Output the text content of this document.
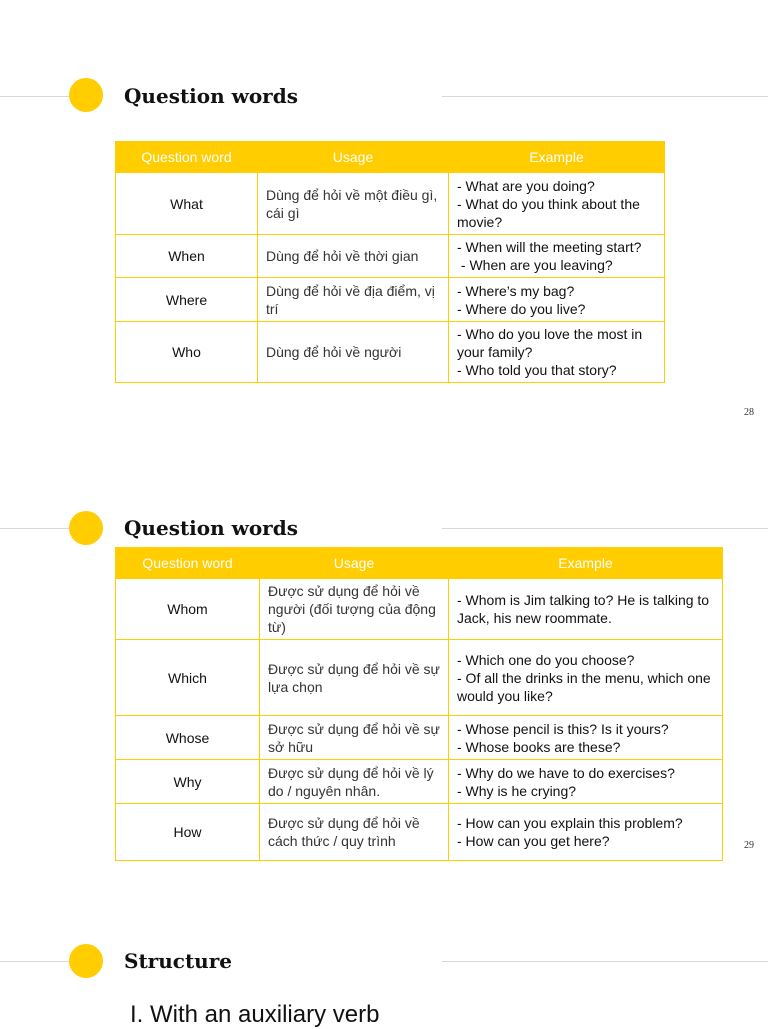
Question words
Question word	Usage	Example
What	Dùng để hỏi về một điều gì, cái gì	- What are you doing?
- What do you think about the movie?
When	Dùng để hỏi về thời gian	- When will the meeting start?
- When are you leaving?
Where	Dùng để hỏi về địa điểm, vị trí	- Where’s my bag?
- Where do you live?
Who	Dùng để hỏi về người	- Who do you love the most in your family?
- Who told you that story?
28
Question words
Question word	Usage	Example
Whom	Được sử dụng để hỏi về người (đối tượng của động từ)	- Whom is Jim talking to? He is talking to Jack, his new roommate.
Which	Được sử dụng để hỏi về sự lựa chọn	- Which one do you choose?
- Of all the drinks in the menu, which one would you like?
Whose	Được sử dụng để hỏi về sự sở hữu	- Whose pencil is this? Is it yours?
- Whose books are these?
Why	Được sử dụng để hỏi về lý do / nguyên nhân.	- Why do we have to do exercises?
- Why is he crying?
How	Được sử dụng để hỏi về cách thức / quy trình	- How can you explain this problem?
- How can you get here?	29
Structure
I. With an auxiliary verb
